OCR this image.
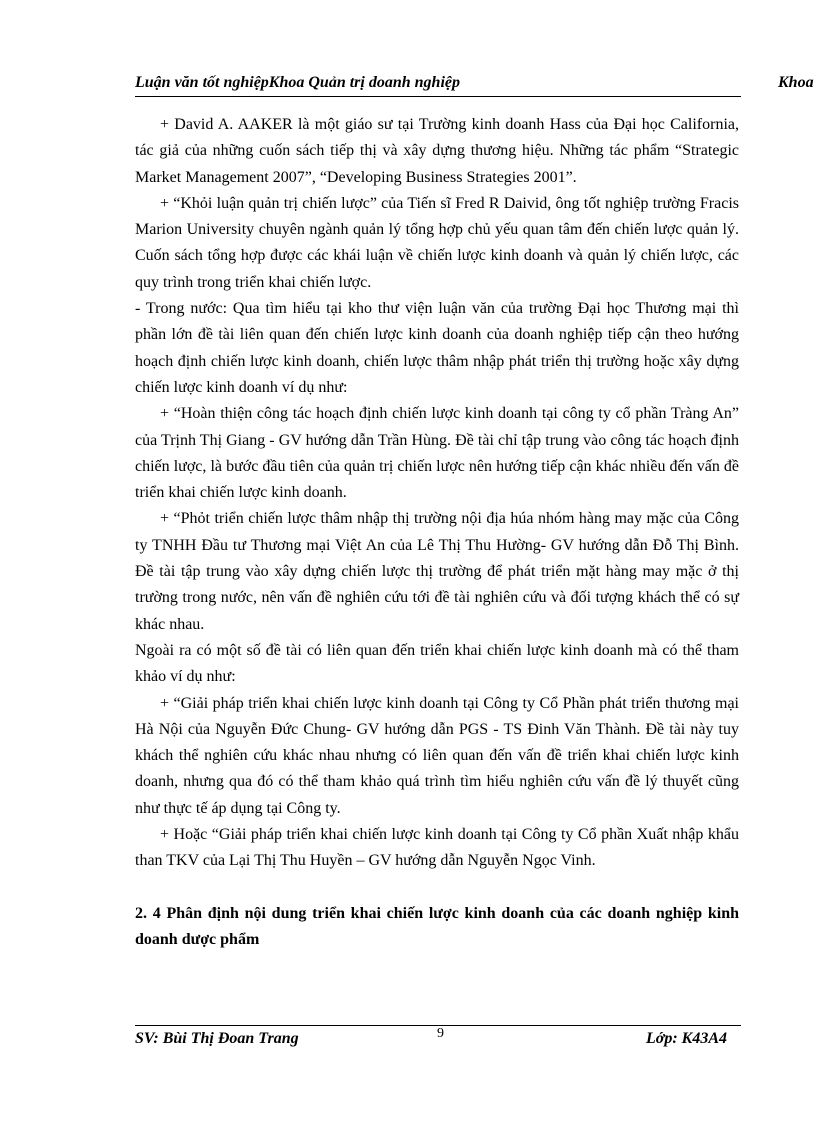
Luận văn tốt nghiệpKhoa Quản trị doanh nghiệp	Khoa

+ David A. AAKER là một giáo sư tại Trường kinh doanh Hass của Đại học California, tác giả của những cuốn sách tiếp thị và xây dựng thương hiệu. Những tác phẩm “Strategic Market Management 2007”, “Developing Business Strategies 2001”.

+ “Khỏi luận quản trị chiến lược” của Tiến sĩ Fred R Daivid, ông tốt nghiệp trường Fracis Marion University chuyên ngành quản lý tổng hợp chủ yếu quan tâm đến chiến lược quản lý. Cuốn sách tổng hợp được các khái luận về chiến lược kinh doanh và quản lý chiến lược, các quy trình trong triển khai chiến lược.

- Trong nước: Qua tìm hiểu tại kho thư viện luận văn của trường Đại học Thương mại thì phần lớn đề tài liên quan đến chiến lược kinh doanh của doanh nghiệp tiếp cận theo hướng hoạch định chiến lược kinh doanh, chiến lược thâm nhập phát triển thị trường hoặc xây dựng chiến lược kinh doanh ví dụ như:

+ “Hoàn thiện công tác hoạch định chiến lược kinh doanh tại công ty cổ phần Tràng An” của Trịnh Thị Giang - GV hướng dẫn Trần Hùng. Đề tài chỉ tập trung vào công tác hoạch định chiến lược, là bước đầu tiên của quản trị chiến lược nên hướng tiếp cận khác nhiều đến vấn đề triển khai chiến lược kinh doanh.

+ “Phỏt triển chiến lược thâm nhập thị trường nội địa húa nhóm hàng may mặc của Công ty TNHH Đầu tư Thương mại Việt An của Lê Thị Thu Hường- GV hướng dẫn Đỗ Thị Bình. Đề tài tập trung vào xây dựng chiến lược thị trường để phát triển mặt hàng may mặc ở thị trường trong nước, nên vấn đề nghiên cứu tới đề tài nghiên cứu và đối tượng khách thể có sự khác nhau.

Ngoài ra có một số đề tài có liên quan đến triển khai chiến lược kinh doanh mà có thể tham khảo ví dụ như:

+ “Giải pháp triển khai chiến lược kinh doanh tại Công ty Cổ Phần phát triển thương mại Hà Nội của Nguyễn Đức Chung- GV hướng dẫn PGS - TS Đinh Văn Thành. Đề tài này tuy khách thể nghiên cứu khác nhau nhưng có liên quan đến vấn đề triển khai chiến lược kinh doanh, nhưng qua đó có thể tham khảo quá trình tìm hiểu nghiên cứu vấn đề lý thuyết cũng như thực tế áp dụng tại Công ty.

+ Hoặc “Giải pháp triển khai chiến lược kinh doanh tại Công ty Cổ phần Xuất nhập khẩu than TKV của Lại Thị Thu Huyền – GV hướng dẫn Nguyễn Ngọc Vinh.

2. 4 Phân định nội dung triển khai chiến lược kinh doanh của các doanh nghiệp kinh doanh dược phẩm
SV: Bùi Thị Đoan Trang	9	Lớp: K43A4
